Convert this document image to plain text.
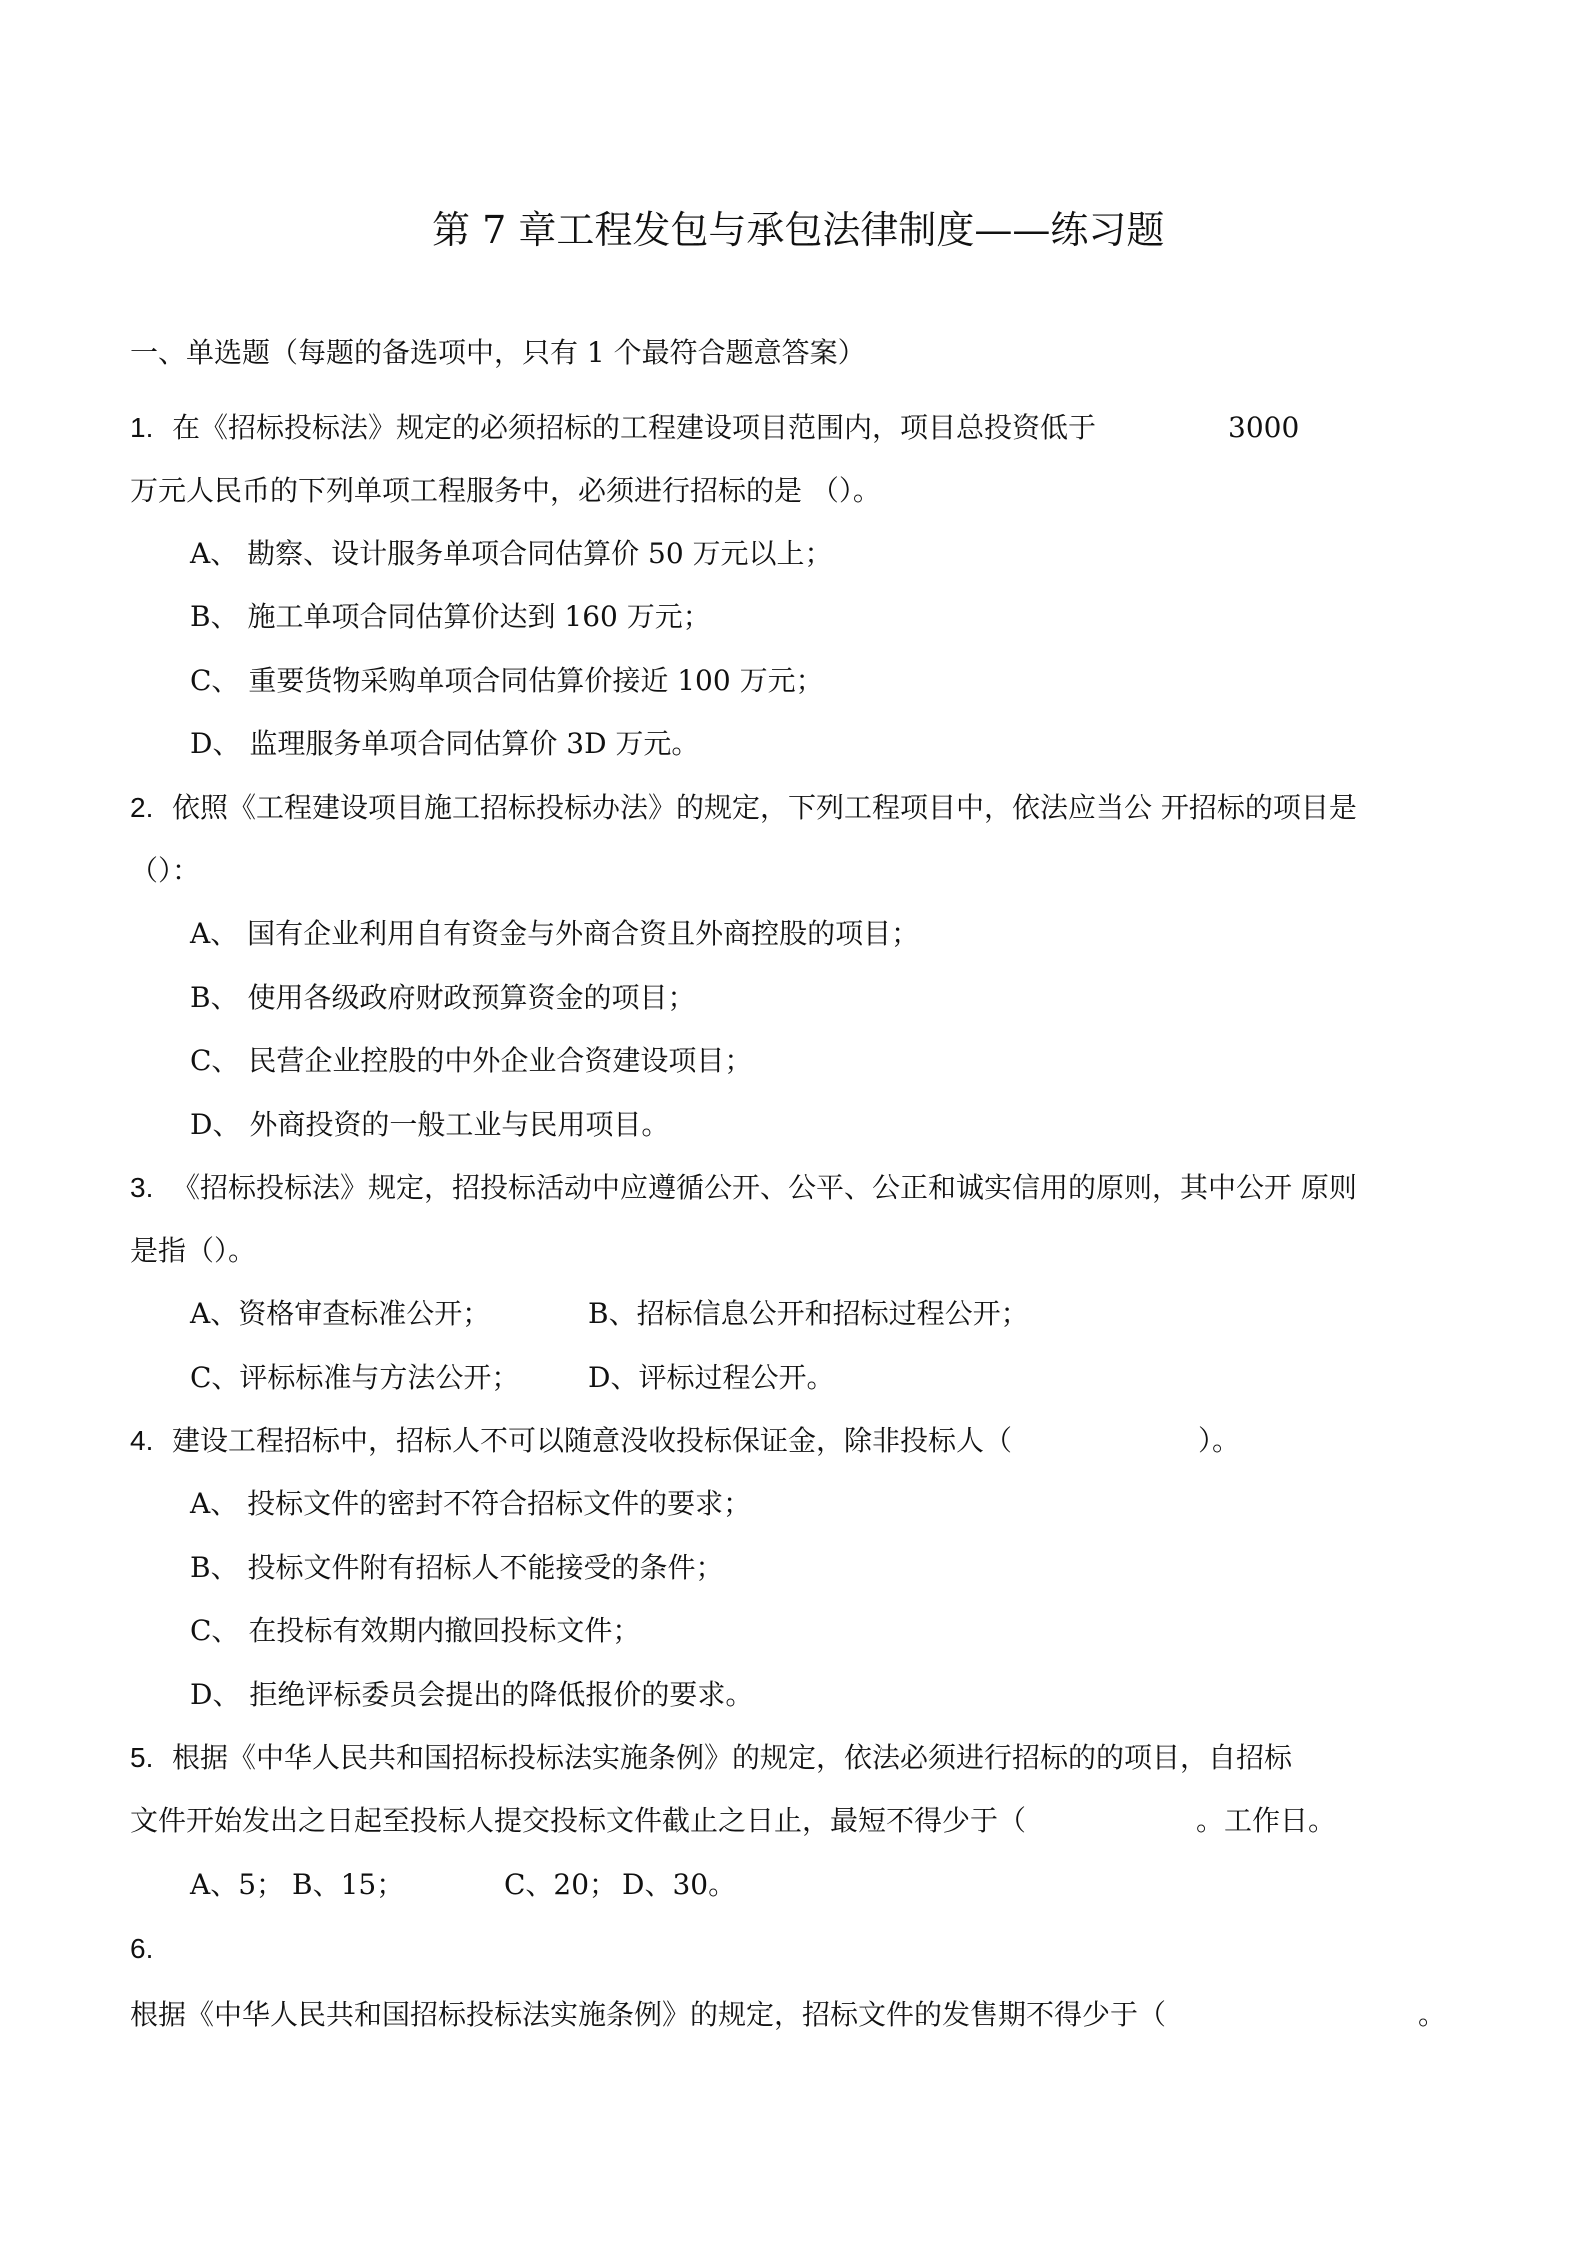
第 7 章工程发包与承包法律制度——练习题
一、单选题（每题的备选项中，只有 1 个最符合题意答案）
1. 在《招标投标法》规定的必须招标的工程建设项目范围内，项目总投资低于	3000
万元人民币的下列单项工程服务中，必须进行招标的是 （）。
A、 勘察、设计服务单项合同估算价 50 万元以上；
B、 施工单项合同估算价达到 160 万元；
C、 重要货物采购单项合同估算价接近 100 万元；
D、 监理服务单项合同估算价 3D 万元。
2. 依照《工程建设项目施工招标投标办法》的规定，下列工程项目中，依法应当公 开招标的项目是
（）：
A、 国有企业利用自有资金与外商合资且外商控股的项目；
B、 使用各级政府财政预算资金的项目；
C、 民营企业控股的中外企业合资建设项目；
D、 外商投资的一般工业与民用项目。
3. 《招标投标法》规定，招投标活动中应遵循公开、公平、公正和诚实信用的原则，其中公开 原则
是指（）。
A、资格审查标准公开；	B、招标信息公开和招标过程公开；
C、评标标准与方法公开； D、评标过程公开。
4. 建设工程招标中，招标人不可以随意没收投标保证金，除非投标人（	）。
A、 投标文件的密封不符合招标文件的要求；
B、 投标文件附有招标人不能接受的条件；
C、 在投标有效期内撤回投标文件；
D、 拒绝评标委员会提出的降低报价的要求。
5. 根据《中华人民共和国招标投标法实施条例》的规定，依法必须进行招标的的项目，自招标
文件开始发出之日起至投标人提交投标文件截止之日止，最短不得少于（	。工作日。
A、5； B、15；	C、20； D、30。
6.
根据《中华人民共和国招标投标法实施条例》的规定，招标文件的发售期不得少于（	。
